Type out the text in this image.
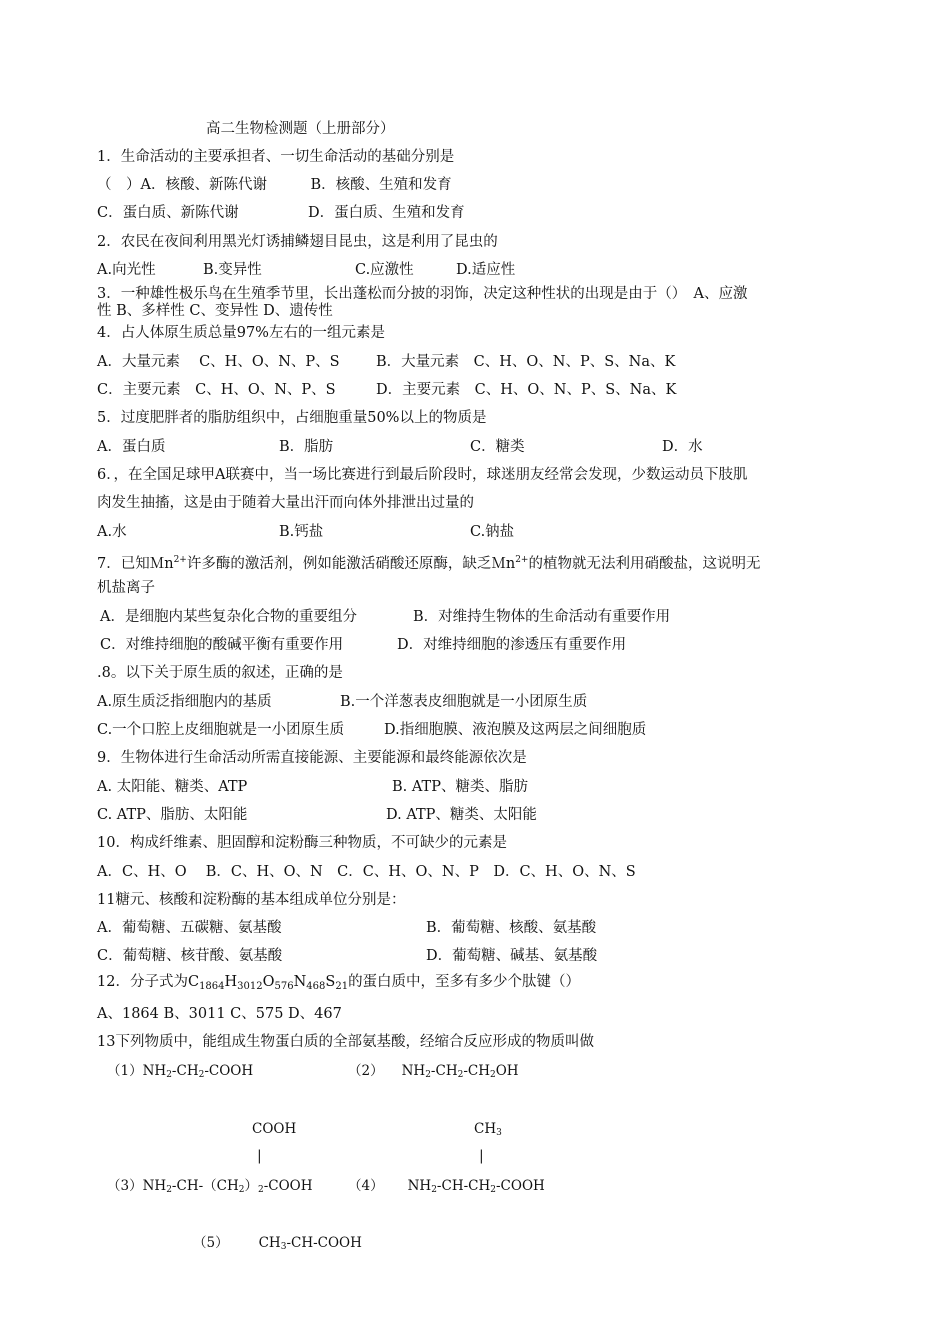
高二生物检测题（上册部分）
1．生命活动的主要承担者、一切生命活动的基础分别是
（　）A．核酸、新陈代谢　　　B．核酸、生殖和发育
C．蛋白质、新陈代谢	D．蛋白质、生殖和发育
2．农民在夜间利用黑光灯诱捕鳞翅目昆虫，这是利用了昆虫的
A.向光性	B.变异性	C.应激性	D.适应性
3．一种雄性极乐鸟在生殖季节里，长出蓬松而分披的羽饰，决定这种性状的出现是由于（）　A、应激
性 B、多样性 C、变异性 D、遗传性
4．占人体原生质总量97%左右的一组元素是
A．大量元素　 C、H、O、N、P、S	B．大量元素　C、H、O、N、P、S、Na、K
C．主要元素　C、H、O、N、P、S	D．主要元素　C、H、O、N、P、S、Na、K
5．过度肥胖者的脂肪组织中，占细胞重量50%以上的物质是
A．蛋白质	B．脂肪	C．糖类	D．水
6．，在全国足球甲A联赛中，当一场比赛进行到最后阶段时，球迷朋友经常会发现，少数运动员下肢肌
肉发生抽搐，这是由于随着大量出汗而向体外排泄出过量的
A.水	B.钙盐	C.钠盐
7．已知Ｍn$^{2+}$许多酶的激活剂，例如能激活硝酸还原酶，缺乏Ｍn$^{2+}$的植物就无法利用硝酸盐，这说明无
机盐离子
A．是细胞内某些复杂化合物的重要组分	B．对维持生物体的生命活动有重要作用
C．对维持细胞的酸碱平衡有重要作用	D．对维持细胞的渗透压有重要作用
.8。以下关于原生质的叙述，正确的是
A.原生质泛指细胞内的基质	B.一个洋葱表皮细胞就是一小团原生质
C.一个口腔上皮细胞就是一小团原生质	D.指细胞膜、液泡膜及这两层之间细胞质
9．生物体进行生命活动所需直接能源、主要能源和最终能源依次是
A. 太阳能、糖类、ATP	B. ATP、糖类、脂肪
C. ATP、脂肪、太阳能	D. ATP、糖类、太阳能
10．构成纤维素、胆固醇和淀粉酶三种物质，不可缺少的元素是
A．C、H、O　 B．C、H、O、N　C．C、H、O、N、P　D．C、H、O、N、S
11糖元、核酸和淀粉酶的基本组成单位分别是：
A．葡萄糖、五碳糖、氨基酸	B．葡萄糖、核酸、氨基酸
C．葡萄糖、核苷酸、氨基酸	D．葡萄糖、碱基、氨基酸
12．分子式为$C_{1864}H_{3012}O_{576}N_{468}S_{21}$的蛋白质中，至多有多少个肽键（）
A、1864 B、3011 C、575 D、467
13下列物质中，能组成生物蛋白质的全部氨基酸，经缩合反应形成的物质叫做
（1）NH2-CH2-COOH	（2） NH2-CH2-CH2OH
COOH	CH3
|	|
（3）NH2-CH-（CH2）2-COOH	（4） NH2-CH-CH2-COOH
（5） CH3-CH-COOH
